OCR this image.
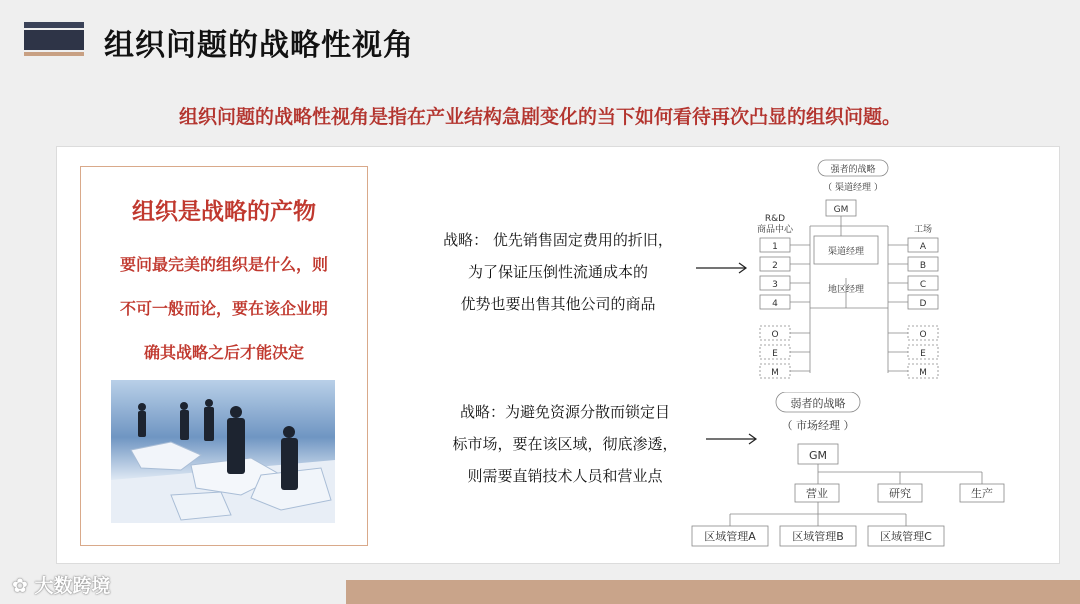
组织问题的战略性视角
组织问题的战略性视角是指在产业结构急剧变化的当下如何看待再次凸显的组织问题。
组织是战略的产物
要问最完美的组织是什么，则
不可一般而论，要在该企业明
确其战略之后才能决定
战略： 优先销售固定费用的折旧，
为了保证压倒性流通成本的
优势也要出售其他公司的商品
战略：为避免资源分散而锁定目
标市场，要在该区域，彻底渗透，
则需要直销技术人员和营业点
强者的战略
（ 渠道经理 ）
GM
渠道经理
地区经理
R&D
商品中心	工场
1
2
3
4
A
B
C
D
O
E
M
O
E
M
弱者的战略
（ 市场经理 ）
GM
营业	研究	生产
区域管理A	区域管理B	区域管理C
✿ 大数跨境
